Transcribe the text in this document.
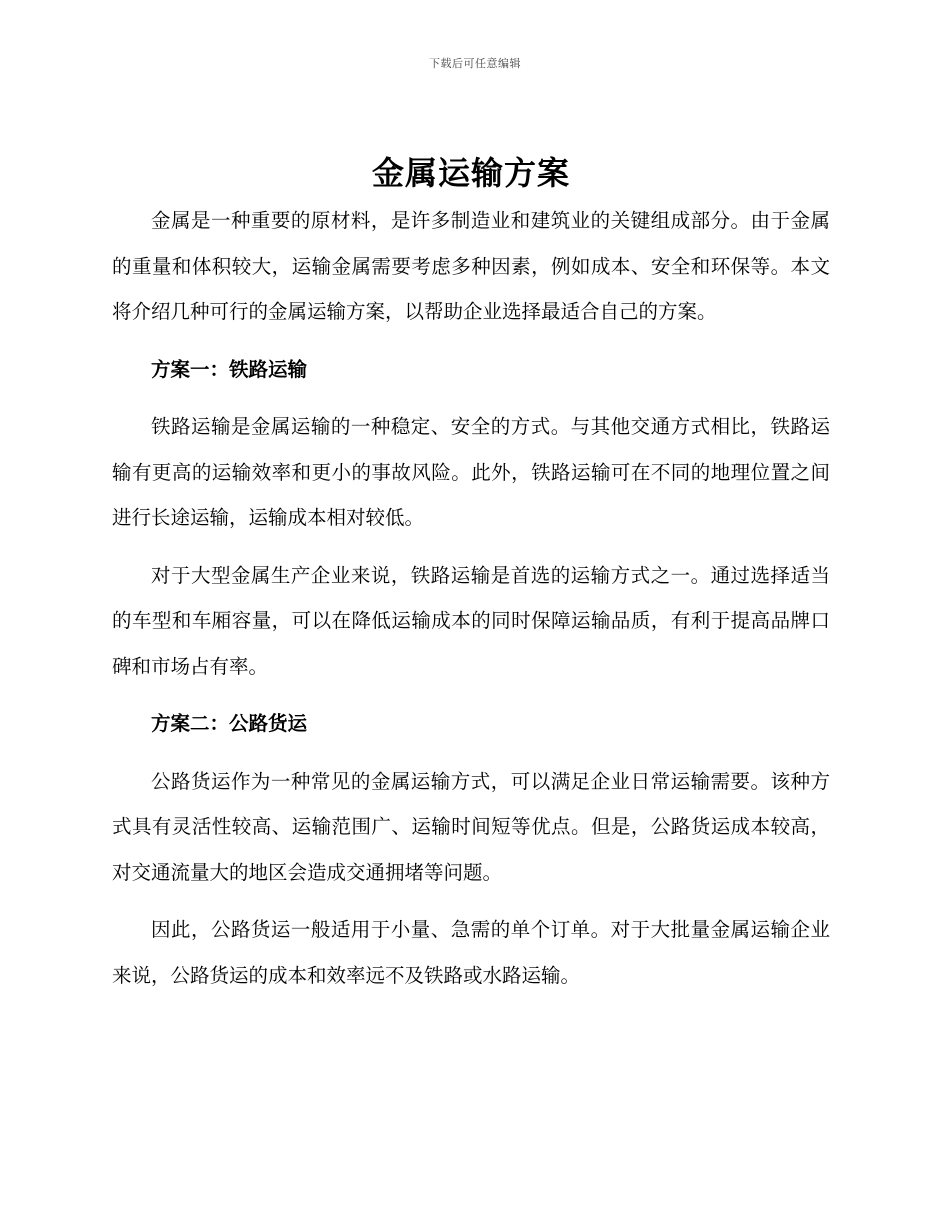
下载后可任意编辑
金属运输方案

金属是一种重要的原材料，是许多制造业和建筑业的关键组成部分。由于金属的重量和体积较大，运输金属需要考虑多种因素，例如成本、安全和环保等。本文将介绍几种可行的金属运输方案，以帮助企业选择最适合自己的方案。

方案一：铁路运输

铁路运输是金属运输的一种稳定、安全的方式。与其他交通方式相比，铁路运输有更高的运输效率和更小的事故风险。此外，铁路运输可在不同的地理位置之间进行长途运输，运输成本相对较低。

对于大型金属生产企业来说，铁路运输是首选的运输方式之一。通过选择适当的车型和车厢容量，可以在降低运输成本的同时保障运输品质，有利于提高品牌口碑和市场占有率。

方案二：公路货运

公路货运作为一种常见的金属运输方式，可以满足企业日常运输需要。该种方式具有灵活性较高、运输范围广、运输时间短等优点。但是，公路货运成本较高，对交通流量大的地区会造成交通拥堵等问题。

因此，公路货运一般适用于小量、急需的单个订单。对于大批量金属运输企业来说，公路货运的成本和效率远不及铁路或水路运输。
